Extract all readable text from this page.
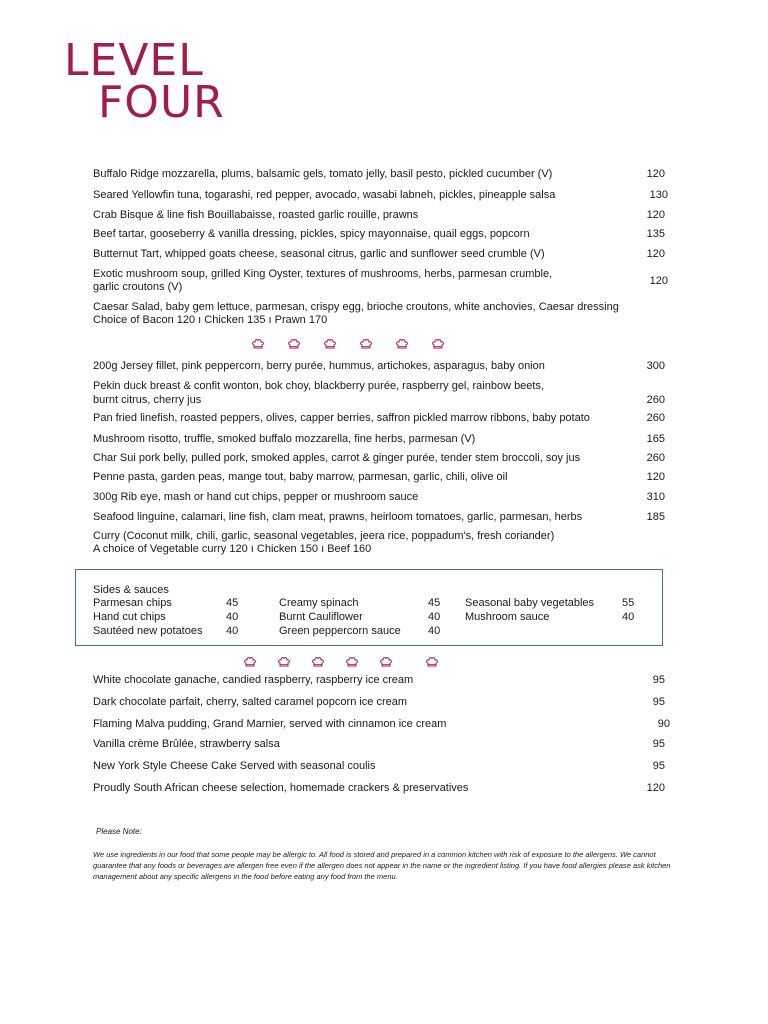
LEVEL
FOUR
Buffalo Ridge mozzarella, plums, balsamic gels, tomato jelly, basil pesto, pickled cucumber (V)	120
Seared Yellowfin tuna, togarashi, red pepper, avocado, wasabi labneh, pickles, pineapple salsa	130
Crab Bisque & line fish Bouillabaisse, roasted garlic rouille, prawns	120
Beef tartar, gooseberry & vanilla dressing, pickles, spicy mayonnaise, quail eggs, popcorn	135
Butternut Tart, whipped goats cheese, seasonal citrus, garlic and sunflower seed crumble (V)	120
Exotic mushroom soup, grilled King Oyster, textures of mushrooms, herbs, parmesan crumble,
garlic croutons (V)	120
Caesar Salad, baby gem lettuce, parmesan, crispy egg, brioche croutons, white anchovies, Caesar dressing
Choice of Bacon 120 ı Chicken 135 ı Prawn 170
200g Jersey fillet, pink peppercorn, berry purée, hummus, artichokes, asparagus, baby onion	300
Pekin duck breast & confit wonton, bok choy, blackberry purée, raspberry gel, rainbow beets,
burnt citrus, cherry jus	260
Pan fried linefish, roasted peppers, olives, capper berries, saffron pickled marrow ribbons, baby potato	260
Mushroom risotto, truffle, smoked buffalo mozzarella, fine herbs, parmesan (V)	165
Char Sui pork belly, pulled pork, smoked apples, carrot & ginger purée, tender stem broccoli, soy jus	260
Penne pasta, garden peas, mange tout, baby marrow, parmesan, garlic, chili, olive oil	120
300g Rib eye, mash or hand cut chips, pepper or mushroom sauce	310
Seafood linguine, calamari, line fish, clam meat, prawns, heirloom tomatoes, garlic, parmesan, herbs	185
Curry (Coconut milk, chili, garlic, seasonal vegetables, jeera rice, poppadum's, fresh coriander)
A choice of Vegetable curry 120 ı Chicken 150 ı Beef 160
Sides & sauces
Parmesan chips	45
Hand cut chips	40
Sautéed new potatoes 40
Creamy spinach	45
Burnt Cauliflower	40
Green peppercorn sauce 40
Seasonal baby vegetables	55
Mushroom sauce	40
White chocolate ganache, candied raspberry, raspberry ice cream	95
Dark chocolate parfait, cherry, salted caramel popcorn ice cream	95
Flaming Malva pudding, Grand Marnier, served with cinnamon ice cream	90
Vanilla crème Brûlée, strawberry salsa	95
New York Style Cheese Cake Served with seasonal coulis	95
Proudly South African cheese selection, homemade crackers & preservatives	120
Please Note:
We use ingredients in our food that some people may be allergic to. All food is stored and prepared in a common kitchen with risk of exposure to the allergens. We cannot guarantee that any foods or beverages are allergen free even if the allergen does not appear in the name or the ingredient listing. If you have food allergies please ask kitchen management about any specific allergens in the food before eating any food from the menu.
